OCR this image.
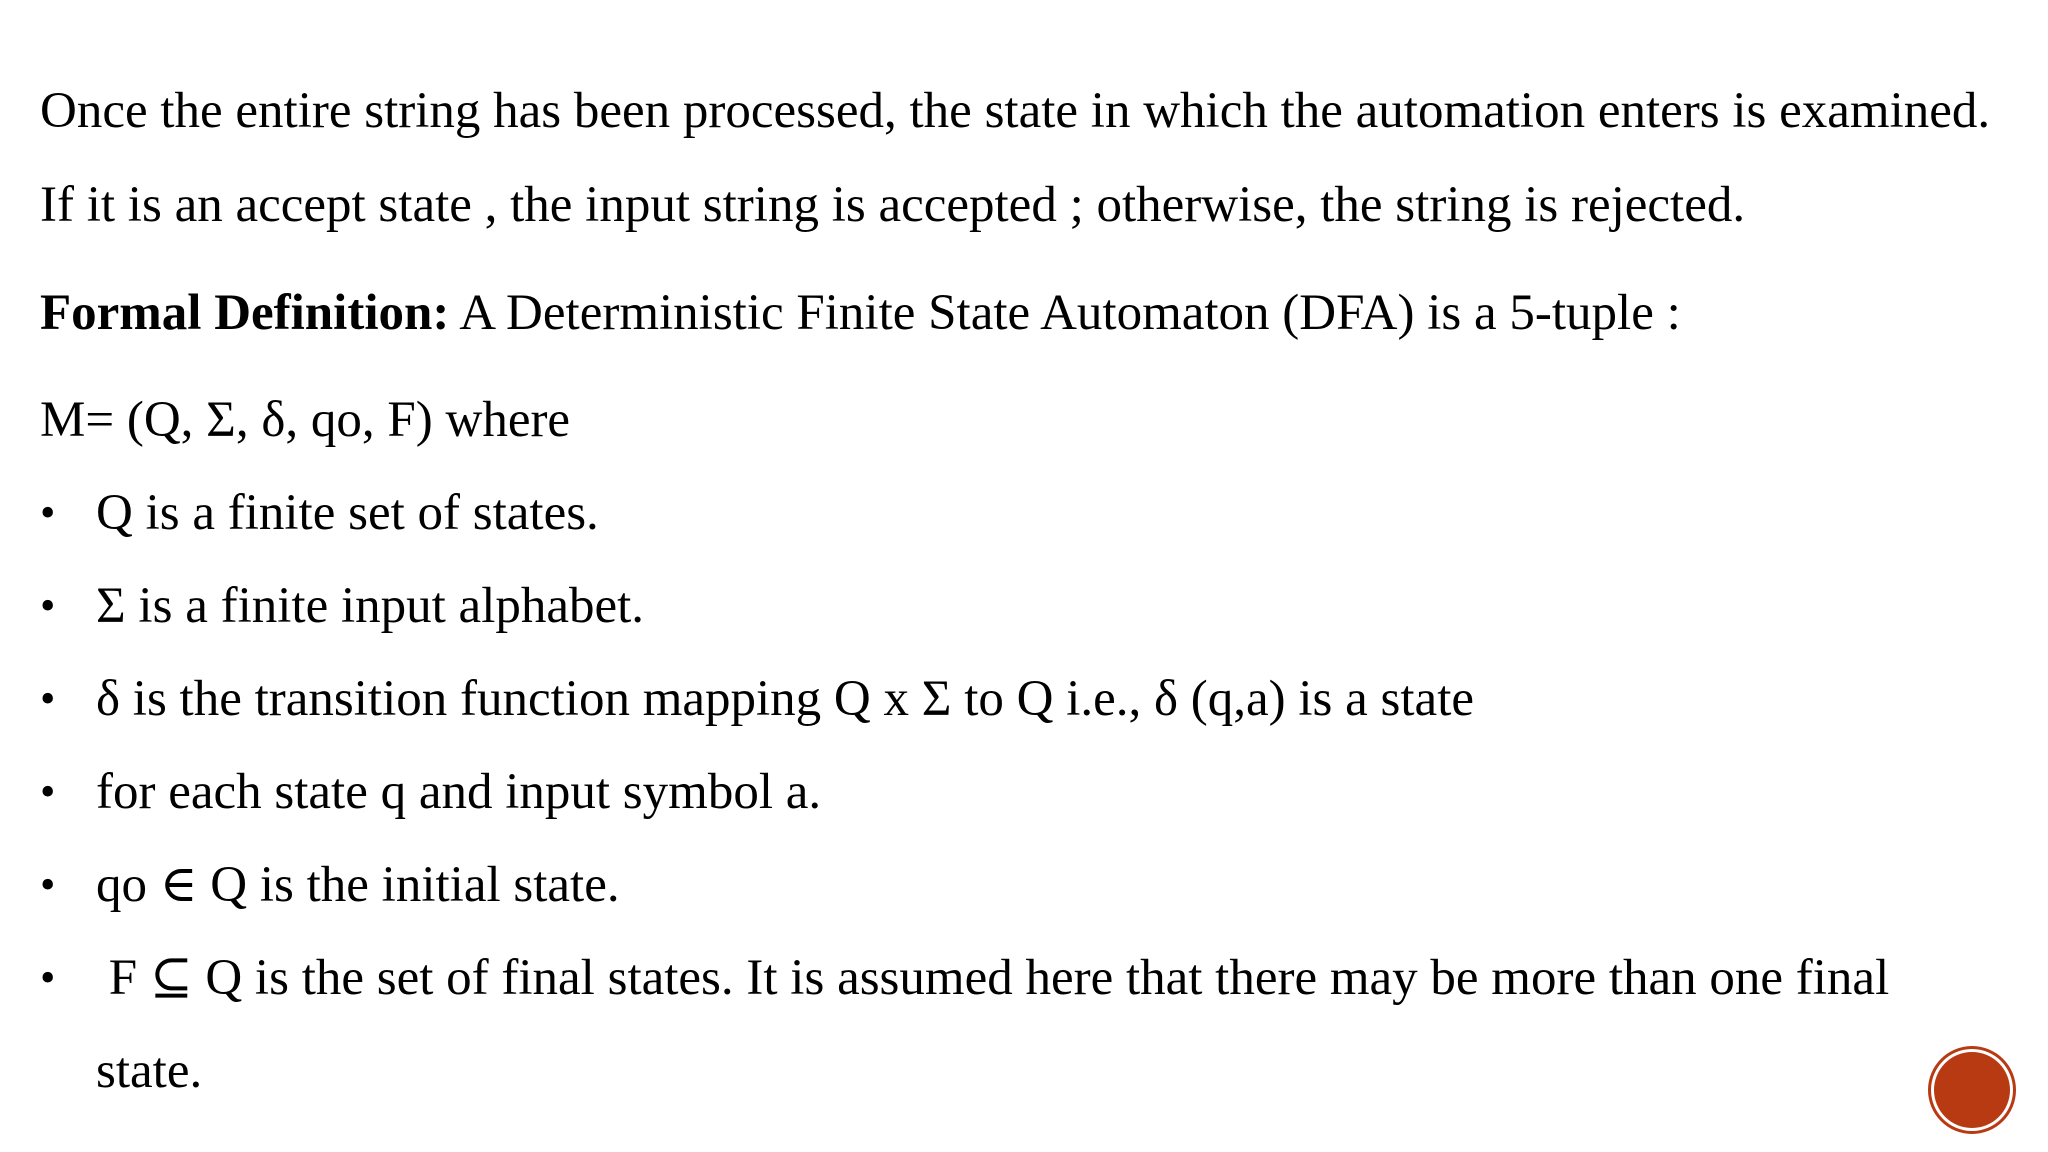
Once the entire string has been processed, the state in which the automation enters is examined.
If it is an accept state , the input string is accepted ; otherwise, the string is rejected.
Formal Definition: A Deterministic Finite State Automaton (DFA) is a 5-tuple :
M= (Q, Σ, δ, qo, F) where
• Q is a finite set of states.
• Σ is a finite input alphabet.
• δ is the transition function mapping Q x Σ to Q i.e., δ (q,a) is a state
• for each state q and input symbol a.
• qo ∈ Q is the initial state.
• F ⊆ Q is the set of final states. It is assumed here that there may be more than one final
state.
